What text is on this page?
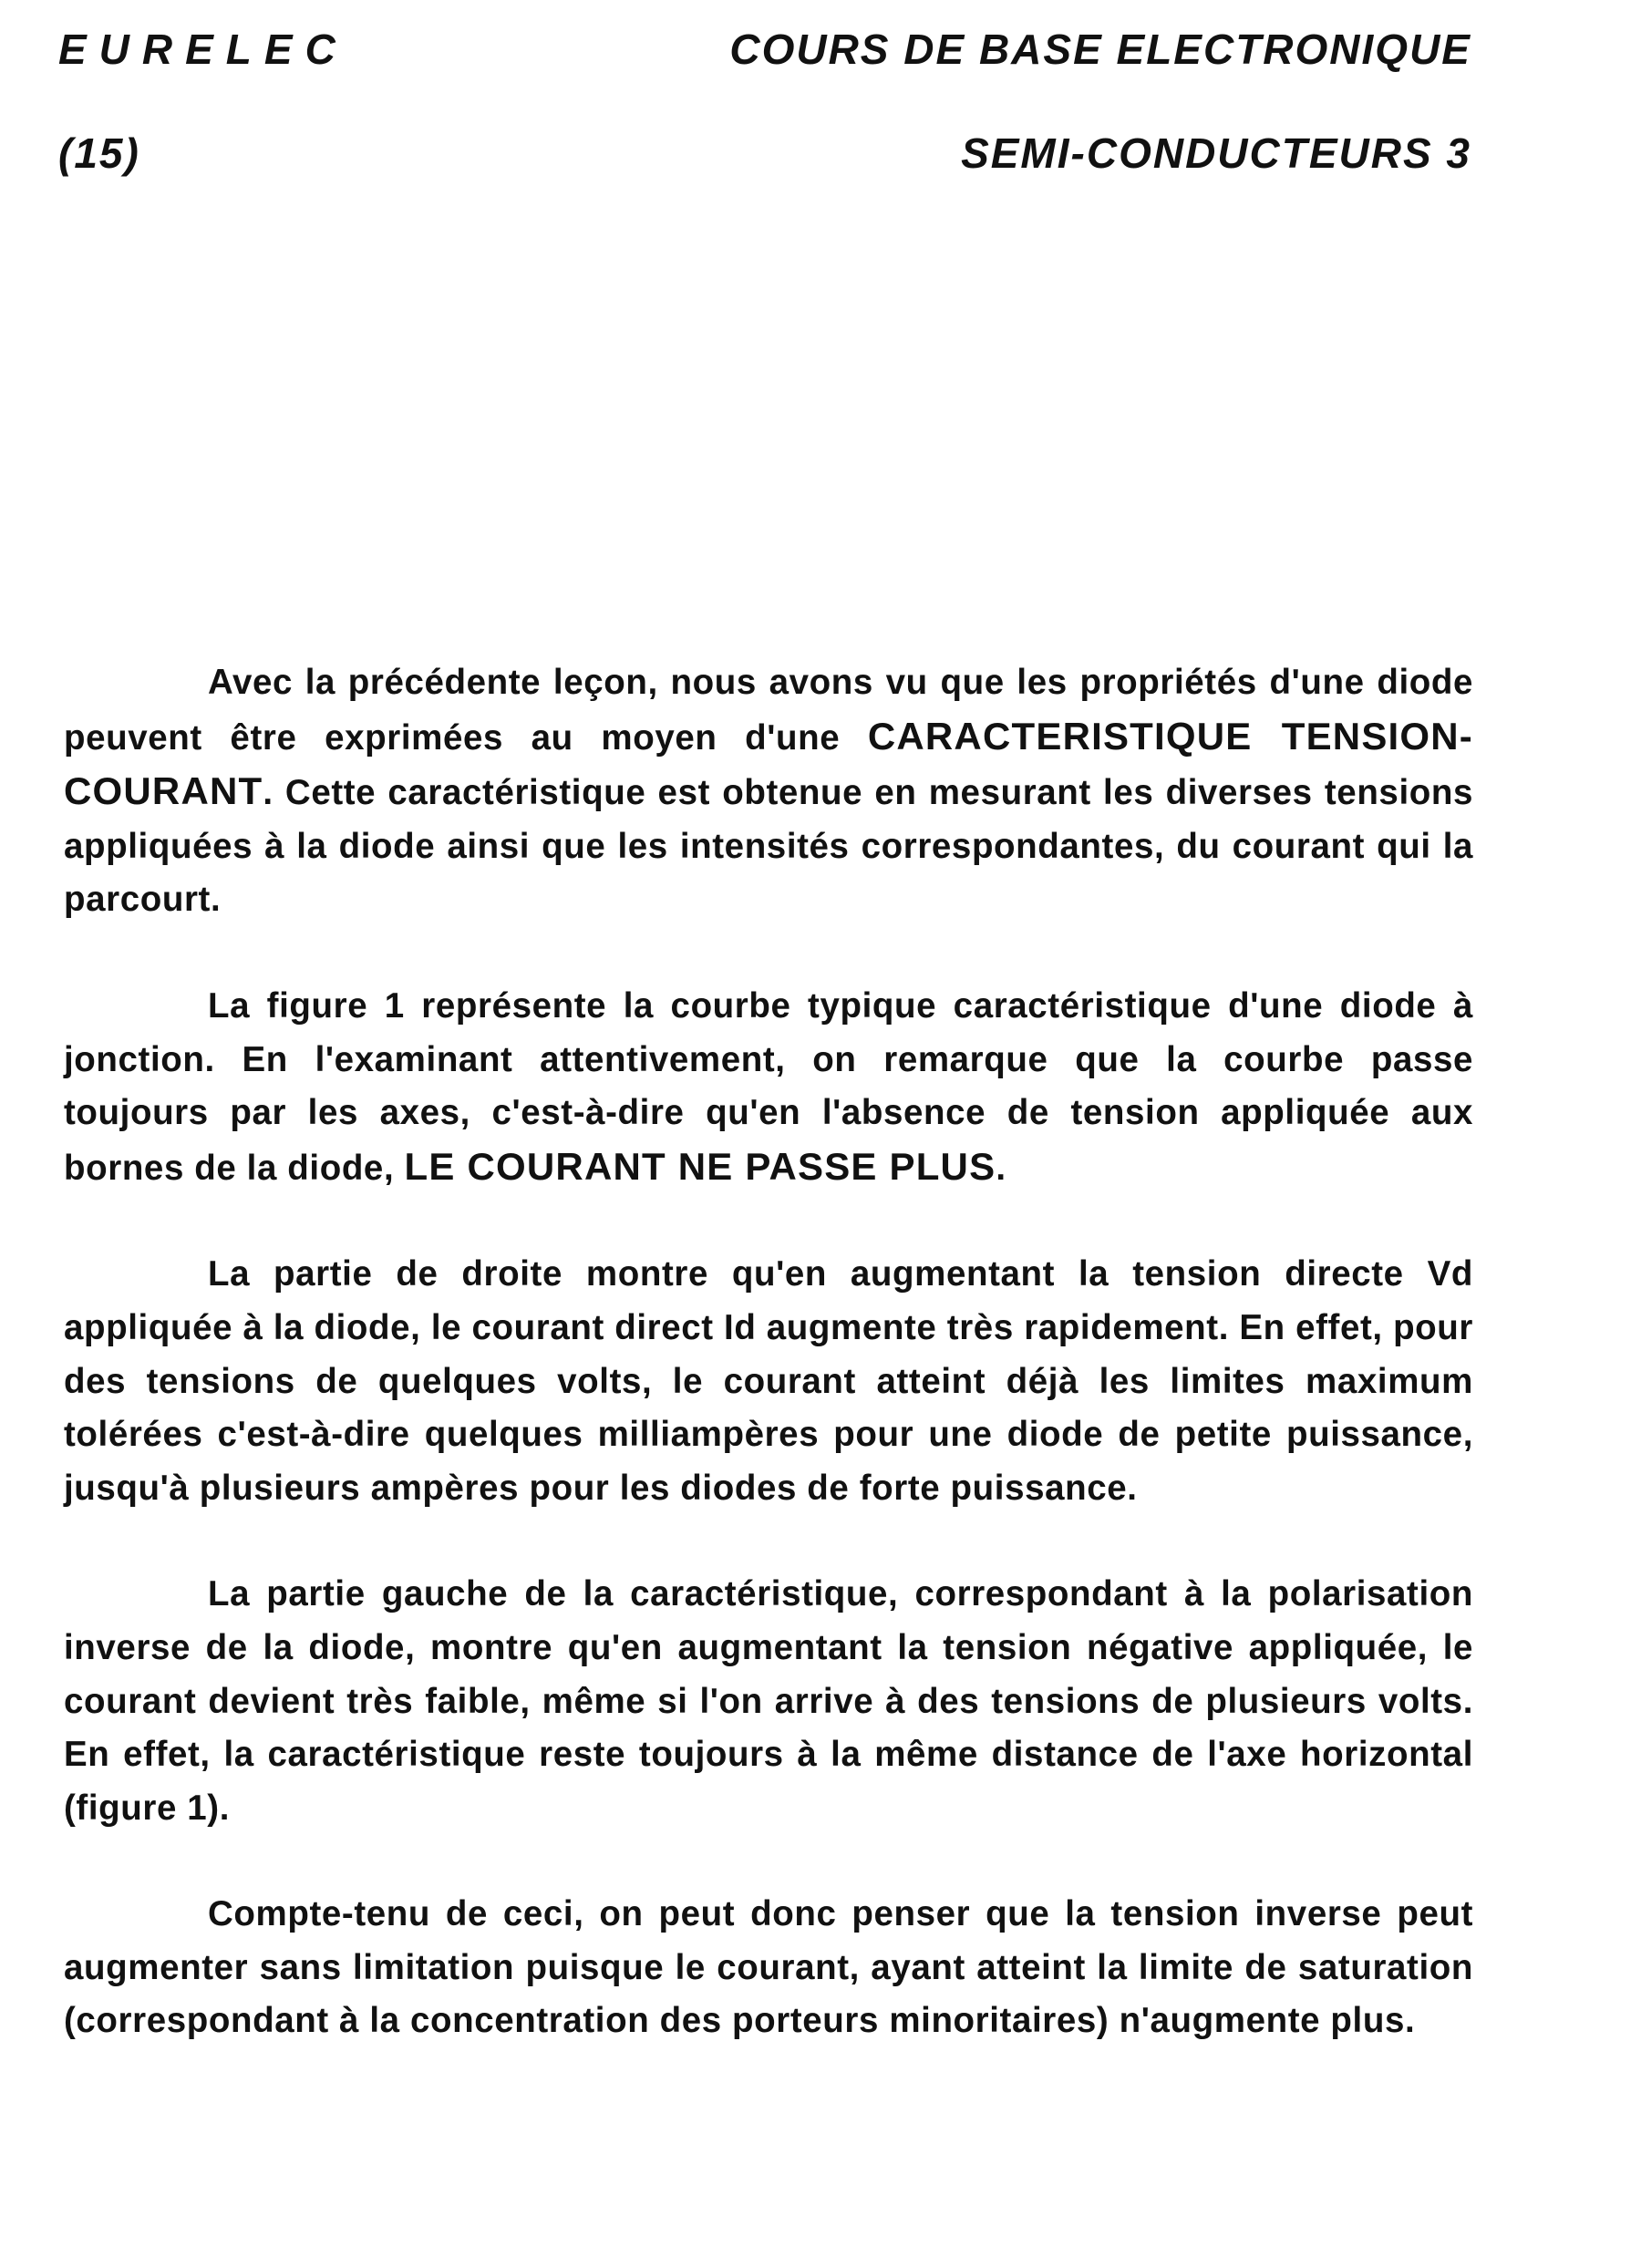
EURELEC	COURS DE BASE ELECTRONIQUE
(15)	SEMI-CONDUCTEURS 3

Avec la précédente leçon, nous avons vu que les propriétés d'une diode peuvent être exprimées au moyen d'une CARACTERISTIQUE TENSION-COURANT. Cette caractéristique est obtenue en mesurant les diverses tensions appliquées à la diode ainsi que les intensités correspondantes, du courant qui la parcourt.

La figure 1 représente la courbe typique caractéristique d'une diode à jonction. En l'examinant attentivement, on remarque que la courbe passe toujours par les axes, c'est-à-dire qu'en l'absence de tension appliquée aux bornes de la diode, LE COURANT NE PASSE PLUS.

La partie de droite montre qu'en augmentant la tension directe Vd appliquée à la diode, le courant direct Id augmente très rapidement. En effet, pour des tensions de quelques volts, le courant atteint déjà les limites maximum tolérées c'est-à-dire quelques milliampères pour une diode de petite puissance, jusqu'à plusieurs ampères pour les diodes de forte puissance.

La partie gauche de la caractéristique, correspondant à la polarisation inverse de la diode, montre qu'en augmentant la tension négative appliquée, le courant devient très faible, même si l'on arrive à des tensions de plusieurs volts. En effet, la caractéristique reste toujours à la même distance de l'axe horizontal (figure 1).

Compte-tenu de ceci, on peut donc penser que la tension inverse peut augmenter sans limitation puisque le courant, ayant atteint la limite de saturation (correspondant à la concentration des porteurs minoritaires) n'augmente plus.
